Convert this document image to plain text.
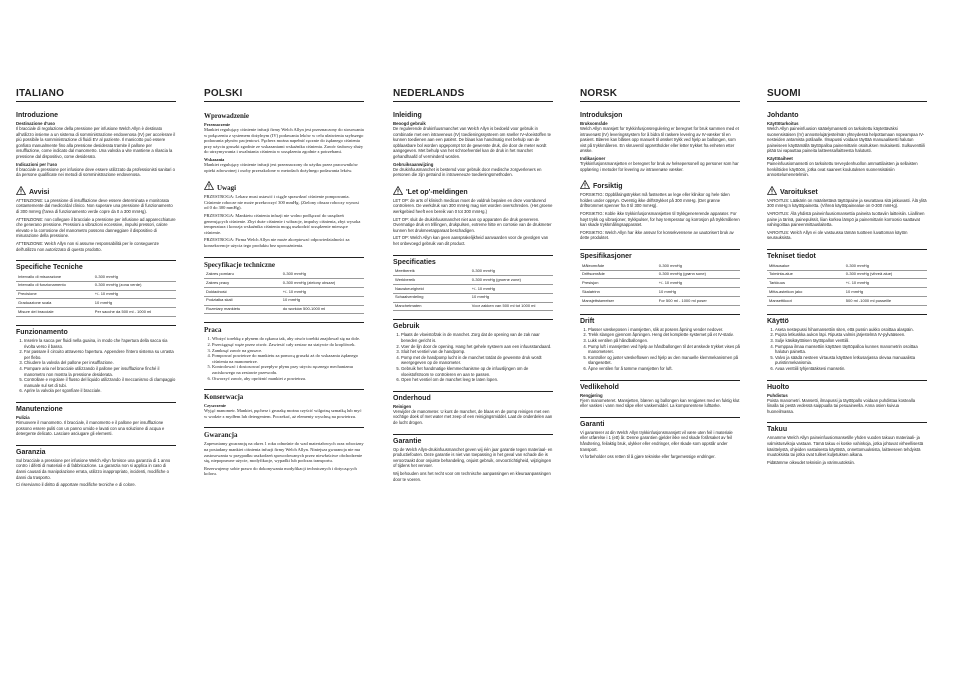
ITALIANO
Introduzione
Destinazione d'uso

Il bracciale di regolazione della pressione per infusione Welch Allyn è destinato all'utilizzo insieme a un sistema di somministrazione endovenosa (IV) per accelerare il più possibile la somministrazione di fluidi EV al paziente. Il manicotto può essere gonfiato manualmente fino alla pressione desiderata tramite il pallone per insufflazione, come indicato dal manometro. Una valvola a vite mantiene a rilascia la pressione dal dispositivo, come desiderato.

Indicazioni per l'uso

Il bracciale a pressione per infusione deve essere utilizzato da professionisti sanitari o da persone qualificate nei metodi di somministrazione endovenosa.

Avvisi

ATTENZIONE: La pressione di insufflazione deve essere determinata e monitorata costantemente dal medico/dal clinico. Non superare una pressione di funzionamento di 300 mmHg (l'area di funzionamento verde copre da 0 a 300 mmHg).

ATTENZIONE: non collegare il bracciale a pressione per infusione ad apparecchiature che generano pressione. Pressioni a vibrazioni eccessive, impulsi pressori, calore elevato e la corrosione del manometro possono danneggiare il dispositivo di misurazione della pressione.

ATTENZIONE: Welch Allyn non si assume responsabilità per le conseguenze dell'utilizzo non autorizzato di questo prodotto.

Specifiche Tecniche
Intervallo di misurazione	0-300 mmHg
Intervallo di funzionamento	0-300 mmHg (zona verde)
Precisione	+/- 10 mmHg
Graduazione scala	10 mmHg
Misure del bracciale	Per sacche da 500 ml - 1000 ml
Funzionamento
1. Inserire la sacca per fluidi nella guaina, in modo che l'apertura della sacca sia rivolta verso il basso.
2. Far passare il circuito attraverso l'apertura. Appendere l'intero sistema su un'asta per flebo.
3. Chiudere la valvola del pallone per insufflazione.
4. Pompare aria nel bracciale utilizzando il pallone per insufflazione finché il manometro non mostra la pressione desiderata.
5. Controllare e regolare il flusso del liquido utilizzando il meccanismo di clampaggio manuale sul set di tubi.
6. Aprire la valvola per sgonfiare il bracciale.
Manutenzione
Pulizia

Rimuovere il manometro. Il bracciale, il manometro e il pallone per insufflazione possono essere puliti con un panno umido e lavati con una soluzione di acqua e detergente delicato. Lasciare asciugare gli elementi.

Garanzia

Sul bracciale a pressione per infusione Welch Allyn fornisce una garanzia di 1 anno contro i difetti di materiali e di fabbricazione. La garanzia non si applica in caso di danni causati da manipolazione errata, utilizzo inappropriato, incidenti, modifiche o danni da trasporto.

Ci riserviamo il diritto di apportare modifiche tecniche e di colore.

POLSKI
Wprowadzenie
Przeznaczenie

Mankiet regulujący ciśnienie infuzji firmy Welch Allyn jest przeznaczony do stosowania w połączeniu z systemem dożylnym (IV) podawania leków w celu ułatwienia szybszego podawania płynów pacjentowi. Pęcherz można napełnić ręcznie do żądanego ciśnienia przy użyciu gruszki zgodnie ze wskazaniami wskaźnika ciśnienia. Zawór śrubowy służy do utrzymywania i uwalniania ciśnienia w urządzeniu zgodnie z potrzebami.

Wskazania

Mankiet regulujący ciśnienie infuzji jest przeznaczony do użytku przez pracowników opieki zdrowotnej i osoby przeszkolone w metodach dożylnego podawania leków.

Uwagi

PRZESTROGA: Lekarz musi ustawić i ciągle sprawdzać ciśnienie pompowania. Ciśnienie robocze nie może przekroczyć 300 mmHg. (Zielony obszar roboczy wynosi od 0 do 300 mmHg).

PRZESTROGA: Mankietu ciśnienia infuzji nie wolno podłączać do urządzeń generujących ciśnienie. Zbyt duże ciśnienie i wibracje, impulsy ciśnienia, zbyt wysoka temperatura i korozja wskaźnika ciśnienia mogą uszkodzić urządzenie mierzące ciśnienie.

PRZESTROGA: Firma Welch Allyn nie może akceptować odpowiedzialności za konsekwencje użycia tego produktu bez upoważnienia.

Specyfikacje techniczne
Zakres pomiaru	0-300 mmHg
Zakres pracy	0-300 mmHg (zielony obszar)
Dokładność	+/- 10 mmHg
Podziałka skali	10 mmHg
Rozmiary mankietu	do worków 500-1000 ml
Praca
1. Włożyć torebkę z płynem do rękawa tak, aby otwór torebki znajdował się na dole.
2. Przeciągnąć węże przez otwór. Zawiesić cały zestaw na statywie do kroplówek.
3. Zamknąć zawór na gruszce.
4. Pompować powietrze do mankietu za pomocą gruszki aż do wskazania żądanego ciśnienia na manometrze.
5. Kontrolować i dostosować przepływ płynu przy użyciu ręcznego mechanizmu zaciskowego na zestawie przewodu.
6. Otworzyć zawór, aby opróżnić mankiet z powietrza.
Konserwacja
Czyszczenie

Wyjąć manometr. Mankiet, pęcherz i gruszkę można czyścić wilgotną szmatką lub myć w wodzie z mydłem lub detergentem. Poczekać, aż elementy wyschną na powietrzu.

Gwarancja

Zapewniamy gwarancję na okres 1 roku odnośnie do wad materiałowych oraz robocizny na posiadany mankiet ciśnienia infuzji firmy Welch Allyn. Niniejsza gwarancja nie ma zastosowania w przypadku uszkodzeń spowodowanych przez niewłaściwe obchodzenie się, niepoprawne użycie, modyfikacje, wypadki lub podczas transportu.

Rezerwujemy sobie prawo do dokonywania modyfikacji technicznych i dotyczących koloru.

NEDERLANDS
Inleiding
Beoogd gebruik

De regulerende drukinfuusmanchet van Welch Allyn is bedoeld voor gebruik in combinatie met een intraveneus (IV) toedieningssysteem om sneller IV-vloeistoffen te kunnen toedienen aan een patiënt. De blaas kan handmatig met behulp van de opblaasbare bol worden opgepompt tot de gewenste druk, die door de meter wordt aangegeven. Met behulp van het schroefventiel kan de druk in het manchet gehandhaafd of verminderd worden.

Gebruiksaanwijzing

De drukinfuusmanchet is bestemd voor gebruik door medische zorgverleners en personen die zijn getraind in intraveneuze toedieningsmethoden.

'Let op'-meldingen

LET OP: de arts of klinisch medicus moet de valdruk bepalen en deze voortdurend controleren. De werkdruk van 300 mmHg mag niet worden overschreden. (Het groene werkgebied heeft een bereik van 0 tot 300 mmHg.)

LET OP: sluit de drukinfuusmanchet niet aan op apparaten die druk genereren. Overmatige druk en trillingen, drukpulsen, extreme hitte en corrosie van de drukmeter kunnen het drukmeetapparaat beschadigen.

LET OP: Welch Allyn kan geen aansprakelijkheid aanvaarden voor de gevolgen van het onbevoegd gebruik van dit product.

Specificaties
Meetbereik	0-300 mmHg
Werkbereik	0-300 mmHg (groene zone)
Nauwkeurigheid	+/- 10 mmHg
Schaalverdeling	10 mmHg
Manchetmaten	Voor zakken van 500 ml tot 1000 ml
Gebruik
1. Plaats de vloeistofzak in de manchet. Zorg dat de opening van de zak naar beneden gericht is.
2. Voer de lijn door de opening. Hang het gehele systeem aan een infuusstandaard.
3. Sluit het ventiel van de handpomp.
4. Pomp met de handpomp lucht in de manchet totdat de gewenste druk wordt weergegeven op de manometer.
5. Gebruik het handmatige klemmechanisme op de infuuslijngen om de vloeistofstroom te controleren en aan te passen.
6. Open het ventiel om de manchet leeg te laten lopen.
Onderhoud
Reinigen

Verwijder de manometer. U kunt de manchet, de blaas en de pomp reinigen met een vochtige doek of met water met zeep of een reinigingsmiddel. Laat de onderdelen aan de lucht drogen.

Garantie

Op de Welch Allyn-drukinfuusmanchet geven wij één jaar garantie tegen materiaal- en productiefouten. Deze garantie is niet van toepassing in het geval van schade die is veroorzaakt door onjuiste behandeling, onjuist gebruik, onvoorzichtigheid, wijzigingen of tijdens het vervoer.

Wij behouden ons het recht voor om technische aanpassingen en kleuraanpassingen door te voeren.

NORSK
Introduksjon
Bruksområde

Welch Allyn mansjett for trykkinfusjonsregulering er beregnet for bruk sammen med et intravenøst (IV) leveringssystem for å bidra til raskere levering av IV-væsker til en pasient. Blæren kan blåses opp manuelt til ønsket trykk ved hjelp av ballongen, som vist på trykkmåleren. En skruventil opprettholder eller letter trykket fra enheten etter ønske.

Indikasjoner

Trykkinfusjonsmansjetten er beregnet for bruk av helsepersonell og personer som har opplæring i metoder for levering av intravenøse væsker.

Forsiktig

FORSIKTIG: Oppblåsingstrykket må fastsettes av lege eller klinikor og hele tiden holdes under oppsyn. Overstig ikke driftstrykket på 300 mmHg. (Det grønne driftsrommet spenner fra 0 til 300 mmHg).

FORSIKTIG: Koble ikke trykkinfusjonsmansjetten til trykkgenererende apparater. For høyt trykk og vibrasjoner, trykkpulser, for høy temperatur og korrosjon på trykkmåleren kan skade trykkmålingsapparatet.

FORSIKTIG: Welch Allyn har ikke ansvar for konsekvensene av uautorisert bruk av dette produktet.

Spesifikasjoner
Måleområde	0-300 mmHg
Driftsområde	0-300 mmHg (grønn sone)
Presisjon	+/- 10 mmHg
Skalatrinn	10 mmHg
Mansjettstørrelser	For 500 ml - 1000 ml poser
Drift
1. Plasser væskeposen i mansjetten, slik at posens åpning vender nedover.
2. Trekk slangen gjennom åpningen. Heng det komplette systemet på et IV-stativ.
3. Lukk ventilen på håndballongen.
4. Pump luft i mansjetten ved hjelp av håndballongen til det ønskede trykket vises på manometeret.
5. Kontroller og juster væskeflowen ved hjelp av den manuelle klemmekanismen på slangesettet.
6. Åpne ventilen for å tømme mansjetten for luft.
Vedlikehold
Rengjøring

Fjern manometeret. Mansjetten, blæren og ballongen kan rengjøres med en fuktig klut eller vaskes i vann med såpe eller vaskemiddel. La komponentene lufttørke.

Garanti

Vi garanterer at din Welch Allyn trykkinfusjonsmansjett vil være uten feil i materiale eller utførelse i 1 (ett) år. Denne garantien gjelder ikke ved skade forårsaket av feil håndtering, feilaktig bruk, ulykker eller endringer, eller skade som oppstår under transport.

Vi forbeholder oss retten til å gjøre tekniske eller fargemessige endringer.

SUOMI
Johdanto
Käyttötarkoitus

Welch Allyn paineinfuusion säätelymansetti on tarkoitettu käytettäväksi suonensisäisen (IV) annostelujärjestelmän yhteydessä helpottamaan nopeampaa IV-nesteiden antamista potilaalle. Ilmapussi voidaan täyttää manuaalisesti halutun paineiseen käyttämällä täyttöpalloa painemittarin osoituksen mukaisesti. Sulkuventtiili pitää tai vapauttaa paineita laitteessa/laitteesta halutusti.

Käyttöaiheet

Paineinfuusiomansetti on tarkoitettu terveydenhuollon ammattilaisten ja sellaisten henkilöiden käyttöön, jotka ovat saaneet koulutuksen suonensisäisiin annostelumenetelmiin.

Varoitukset

VAROITUS: Lääkärin on määritettävä täyttöpaine ja seurattava sitä jatkuvasti. Älä ylitä 300 mmHg:n käyttöpainetta. (Vihreä käyttöpainealue on 0-300 mmHg).

VAROITUS: Älä yhdistä paineinfuusiomansettia paineita tuottaviin laitteisiin. Liiallinen paine ja tärinä, painepulssit, liian korkea lämpö ja painemittarin korroosio saattavat vahingoittaa paineenmittauslaitetta.

VAROITUS: Welch Allyn ei ole vastuussa tämän tuotteen luvattoman käytön seurauksista.

Tekniset tiedot
Mittausalue	0-300 mmHg
Toiminta-alue	0-300 mmHg (vihreä alue)
Tarkkuus	+/- 10 mmHg
Mitta-asteikon jako	10 mmHg
Mansettikoot	500 ml -1000 ml pusseille
Käyttö
1. Aseta nestepussi hihamansettiin siten, että pussin aukko osoittaa alaspäin.
2. Pujota letkuskka aukon läpi. Ripusta valmis järjestelmä IV-pylvääseen.
3. Sulje käsikäyttöisen täyttöpallon venttiili.
4. Pumppaa ilmaa mansettiin käyttäen täyttöpalloa kunnes manometrin osoittaa halutun painetta.
5. Valvo ja säädä nesteen virtausta käyttäen letkusarjassa olevaa manuaalista puristinmekanismia.
6. Avaa venttiili tyhjentääksesi mansetin.
Huolto
Puhdistus

Poista manometri. Mansetti, ilmapussi ja täyttöpallo voidaan puhdistaa kostealla liinalla tai pestä vedessä saippualla tai pesuaineella. Anna osien kuivua huoneilmassa.

Takuu

Annamme Welch Allyn paineinfuusiomansetille yhden vuoden takuun materiaali- ja valmistusvikoja vastaan. Tämä takuu ei koske vahinkoja, jotka johtuvat virheellisestä käsittelystä, ohjeiden vastaisesta käytöstä, onnettomuuksista, laitteeseen tehdyistä muutoksista tai jotka ovat tulleet kuljetuksen aikana.

Pidätämme oikeudet teknisiin ja värimuutoksiin.
